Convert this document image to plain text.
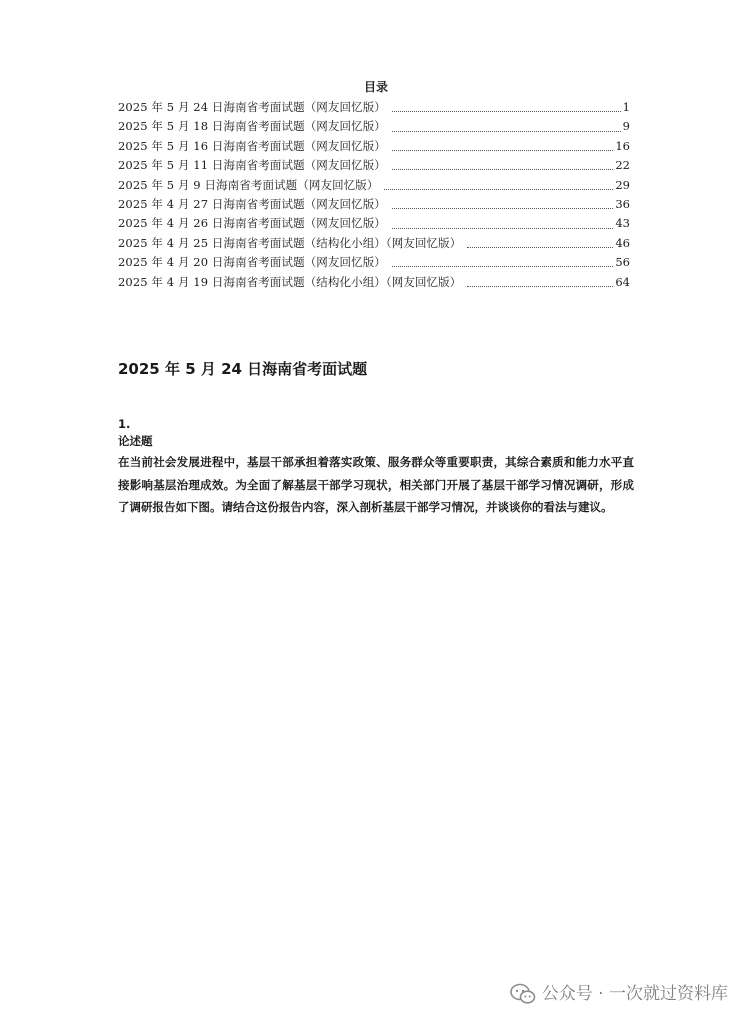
目录
2025 年 5 月 24 日海南省考面试题（网友回忆版）	1
2025 年 5 月 18 日海南省考面试题（网友回忆版）	9
2025 年 5 月 16 日海南省考面试题（网友回忆版）	16
2025 年 5 月 11 日海南省考面试题（网友回忆版）	22
2025 年 5 月 9 日海南省考面试题（网友回忆版）	29
2025 年 4 月 27 日海南省考面试题（网友回忆版）	36
2025 年 4 月 26 日海南省考面试题（网友回忆版）	43
2025 年 4 月 25 日海南省考面试题（结构化小组）（网友回忆版）	46
2025 年 4 月 20 日海南省考面试题（网友回忆版）	56
2025 年 4 月 19 日海南省考面试题（结构化小组）（网友回忆版）	64
2025 年 5 月 24 日海南省考面试题
1.
论述题

在当前社会发展进程中，基层干部承担着落实政策、服务群众等重要职责，其综合素质和能力水平直接影响基层治理成效。为全面了解基层干部学习现状，相关部门开展了基层干部学习情况调研，形成了调研报告如下图。请结合这份报告内容，深入剖析基层干部学习情况，并谈谈你的看法与建议。

公众号 · 一次就过资料库
